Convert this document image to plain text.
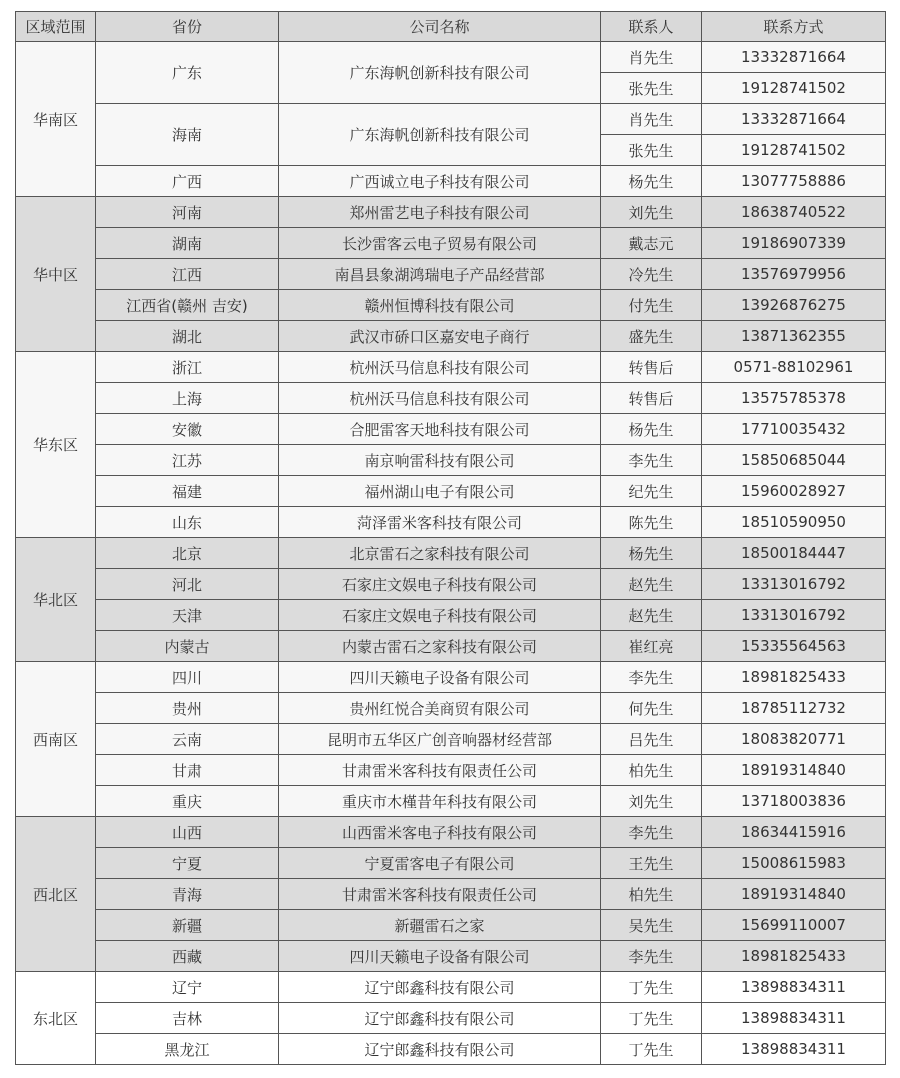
区域范围	省份	公司名称	联系人	联系方式
华南区	广东	广东海帆创新科技有限公司	肖先生	13332871664
			张先生	19128741502
	海南	广东海帆创新科技有限公司	肖先生	13332871664
			张先生	19128741502
	广西	广西诚立电子科技有限公司	杨先生	13077758886
华中区	河南	郑州雷艺电子科技有限公司	刘先生	18638740522
	湖南	长沙雷客云电子贸易有限公司	戴志元	19186907339
	江西	南昌县象湖鸿瑞电子产品经营部	冷先生	13576979956
	江西省(赣州 吉安)	赣州恒博科技有限公司	付先生	13926876275
	湖北	武汉市硚口区嘉安电子商行	盛先生	13871362355
华东区	浙江	杭州沃马信息科技有限公司	转售后	0571-88102961
	上海	杭州沃马信息科技有限公司	转售后	13575785378
	安徽	合肥雷客天地科技有限公司	杨先生	17710035432
	江苏	南京响雷科技有限公司	李先生	15850685044
	福建	福州湖山电子有限公司	纪先生	15960028927
	山东	菏泽雷米客科技有限公司	陈先生	18510590950
华北区	北京	北京雷石之家科技有限公司	杨先生	18500184447
	河北	石家庄文娱电子科技有限公司	赵先生	13313016792
	天津	石家庄文娱电子科技有限公司	赵先生	13313016792
	内蒙古	内蒙古雷石之家科技有限公司	崔红亮	15335564563
西南区	四川	四川天籁电子设备有限公司	李先生	18981825433
	贵州	贵州红悦合美商贸有限公司	何先生	18785112732
	云南	昆明市五华区广创音响器材经营部	吕先生	18083820771
	甘肃	甘肃雷米客科技有限责任公司	柏先生	18919314840
	重庆	重庆市木槿昔年科技有限公司	刘先生	13718003836
西北区	山西	山西雷米客电子科技有限公司	李先生	18634415916
	宁夏	宁夏雷客电子有限公司	王先生	15008615983
	青海	甘肃雷米客科技有限责任公司	柏先生	18919314840
	新疆	新疆雷石之家	吴先生	15699110007
	西藏	四川天籁电子设备有限公司	李先生	18981825433
东北区	辽宁	辽宁郎鑫科技有限公司	丁先生	13898834311
	吉林	辽宁郎鑫科技有限公司	丁先生	13898834311
	黑龙江	辽宁郎鑫科技有限公司	丁先生	13898834311
